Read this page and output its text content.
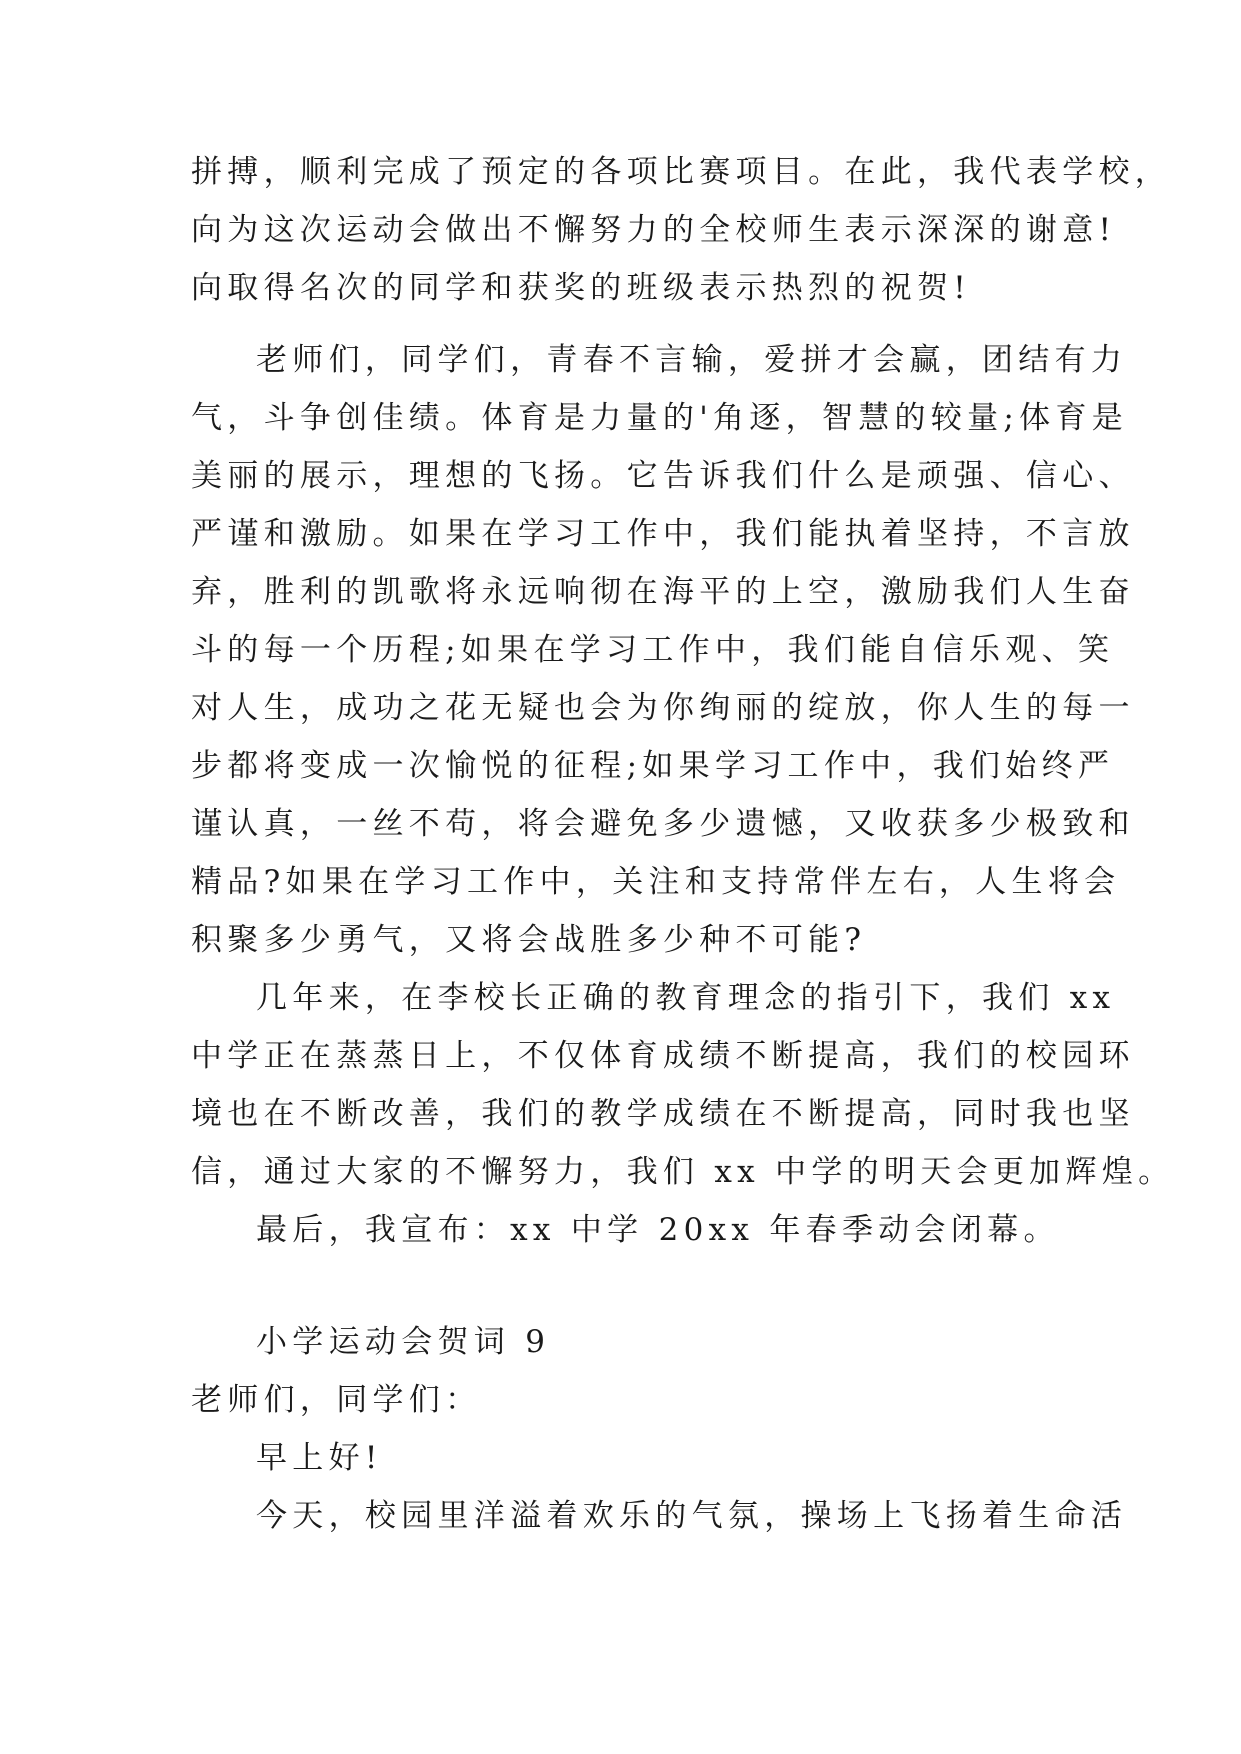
拼搏，顺利完成了预定的各项比赛项目。在此，我代表学校，
向为这次运动会做出不懈努力的全校师生表示深深的谢意!
向取得名次的同学和获奖的班级表示热烈的祝贺!
老师们，同学们，青春不言输，爱拼才会赢，团结有力
气，斗争创佳绩。体育是力量的'角逐，智慧的较量;体育是
美丽的展示，理想的飞扬。它告诉我们什么是顽强、信心、
严谨和激励。如果在学习工作中，我们能执着坚持，不言放
弃，胜利的凯歌将永远响彻在海平的上空，激励我们人生奋
斗的每一个历程;如果在学习工作中，我们能自信乐观、笑
对人生，成功之花无疑也会为你绚丽的绽放，你人生的每一
步都将变成一次愉悦的征程;如果学习工作中，我们始终严
谨认真，一丝不苟，将会避免多少遗憾，又收获多少极致和
精品?如果在学习工作中，关注和支持常伴左右，人生将会
积聚多少勇气，又将会战胜多少种不可能?
几年来，在李校长正确的教育理念的指引下，我们 xx
中学正在蒸蒸日上，不仅体育成绩不断提高，我们的校园环
境也在不断改善，我们的教学成绩在不断提高，同时我也坚
信，通过大家的不懈努力，我们 xx 中学的明天会更加辉煌。
最后，我宣布：xx 中学 20xx 年春季动会闭幕。
小学运动会贺词 9
老师们，同学们：
早上好!
今天，校园里洋溢着欢乐的气氛，操场上飞扬着生命活
